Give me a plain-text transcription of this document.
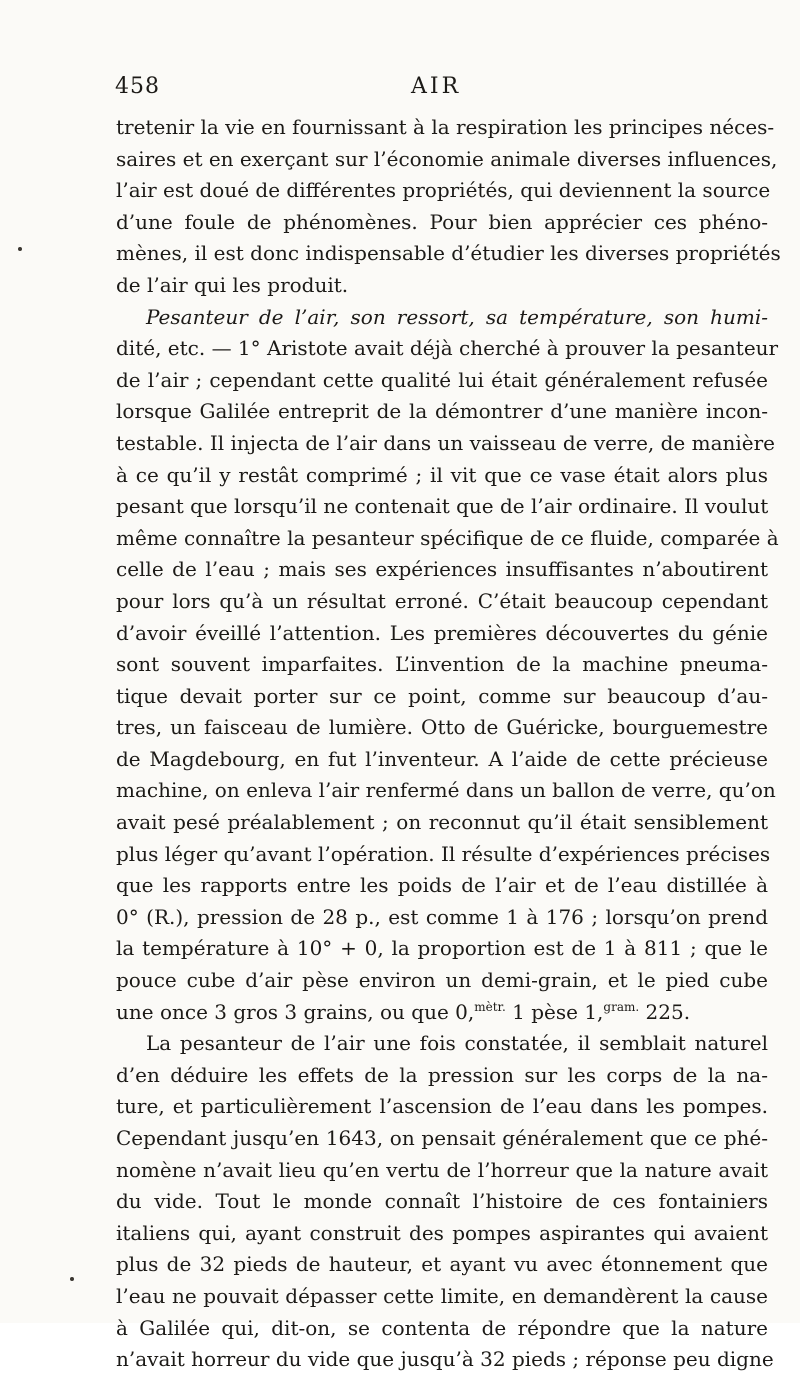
458	AIR
tretenir la vie en fournissant à la respiration les principes néces-
saires et en exerçant sur l’économie animale diverses influences,
l’air est doué de différentes propriétés, qui deviennent la source
d’une foule de phénomènes. Pour bien apprécier ces phéno-
mènes, il est donc indispensable d’étudier les diverses propriétés
de l’air qui les produit.
Pesanteur de l’air, son ressort, sa température, son humi-
dité, etc. — 1° Aristote avait déjà cherché à prouver la pesanteur
de l’air ; cependant cette qualité lui était généralement refusée
lorsque Galilée entreprit de la démontrer d’une manière incon-
testable. Il injecta de l’air dans un vaisseau de verre, de manière
à ce qu’il y restât comprimé ; il vit que ce vase était alors plus
pesant que lorsqu’il ne contenait que de l’air ordinaire. Il voulut
même connaître la pesanteur spécifique de ce fluide, comparée à
celle de l’eau ; mais ses expériences insuffisantes n’aboutirent
pour lors qu’à un résultat erroné. C’était beaucoup cependant
d’avoir éveillé l’attention. Les premières découvertes du génie
sont souvent imparfaites. L’invention de la machine pneuma-
tique devait porter sur ce point, comme sur beaucoup d’au-
tres, un faisceau de lumière. Otto de Guéricke, bourguemestre
de Magdebourg, en fut l’inventeur. A l’aide de cette précieuse
machine, on enleva l’air renfermé dans un ballon de verre, qu’on
avait pesé préalablement ; on reconnut qu’il était sensiblement
plus léger qu’avant l’opération. Il résulte d’expériences précises
que les rapports entre les poids de l’air et de l’eau distillée à
0° (R.), pression de 28 p., est comme 1 à 176 ; lorsqu’on prend
la température à 10° + 0, la proportion est de 1 à 811 ; que le
pouce cube d’air pèse environ un demi-grain, et le pied cube
une once 3 gros 3 grains, ou que 0,$^{mètr.}$ 1 pèse 1,$^{gram.}$ 225.
La pesanteur de l’air une fois constatée, il semblait naturel
d’en déduire les effets de la pression sur les corps de la na-
ture, et particulièrement l’ascension de l’eau dans les pompes.
Cependant jusqu’en 1643, on pensait généralement que ce phé-
nomène n’avait lieu qu’en vertu de l’horreur que la nature avait
du vide. Tout le monde connaît l’histoire de ces fontainiers
italiens qui, ayant construit des pompes aspirantes qui avaient
plus de 32 pieds de hauteur, et ayant vu avec étonnement que
l’eau ne pouvait dépasser cette limite, en demandèrent la cause
à Galilée qui, dit-on, se contenta de répondre que la nature
n’avait horreur du vide que jusqu’à 32 pieds ; réponse peu digne
